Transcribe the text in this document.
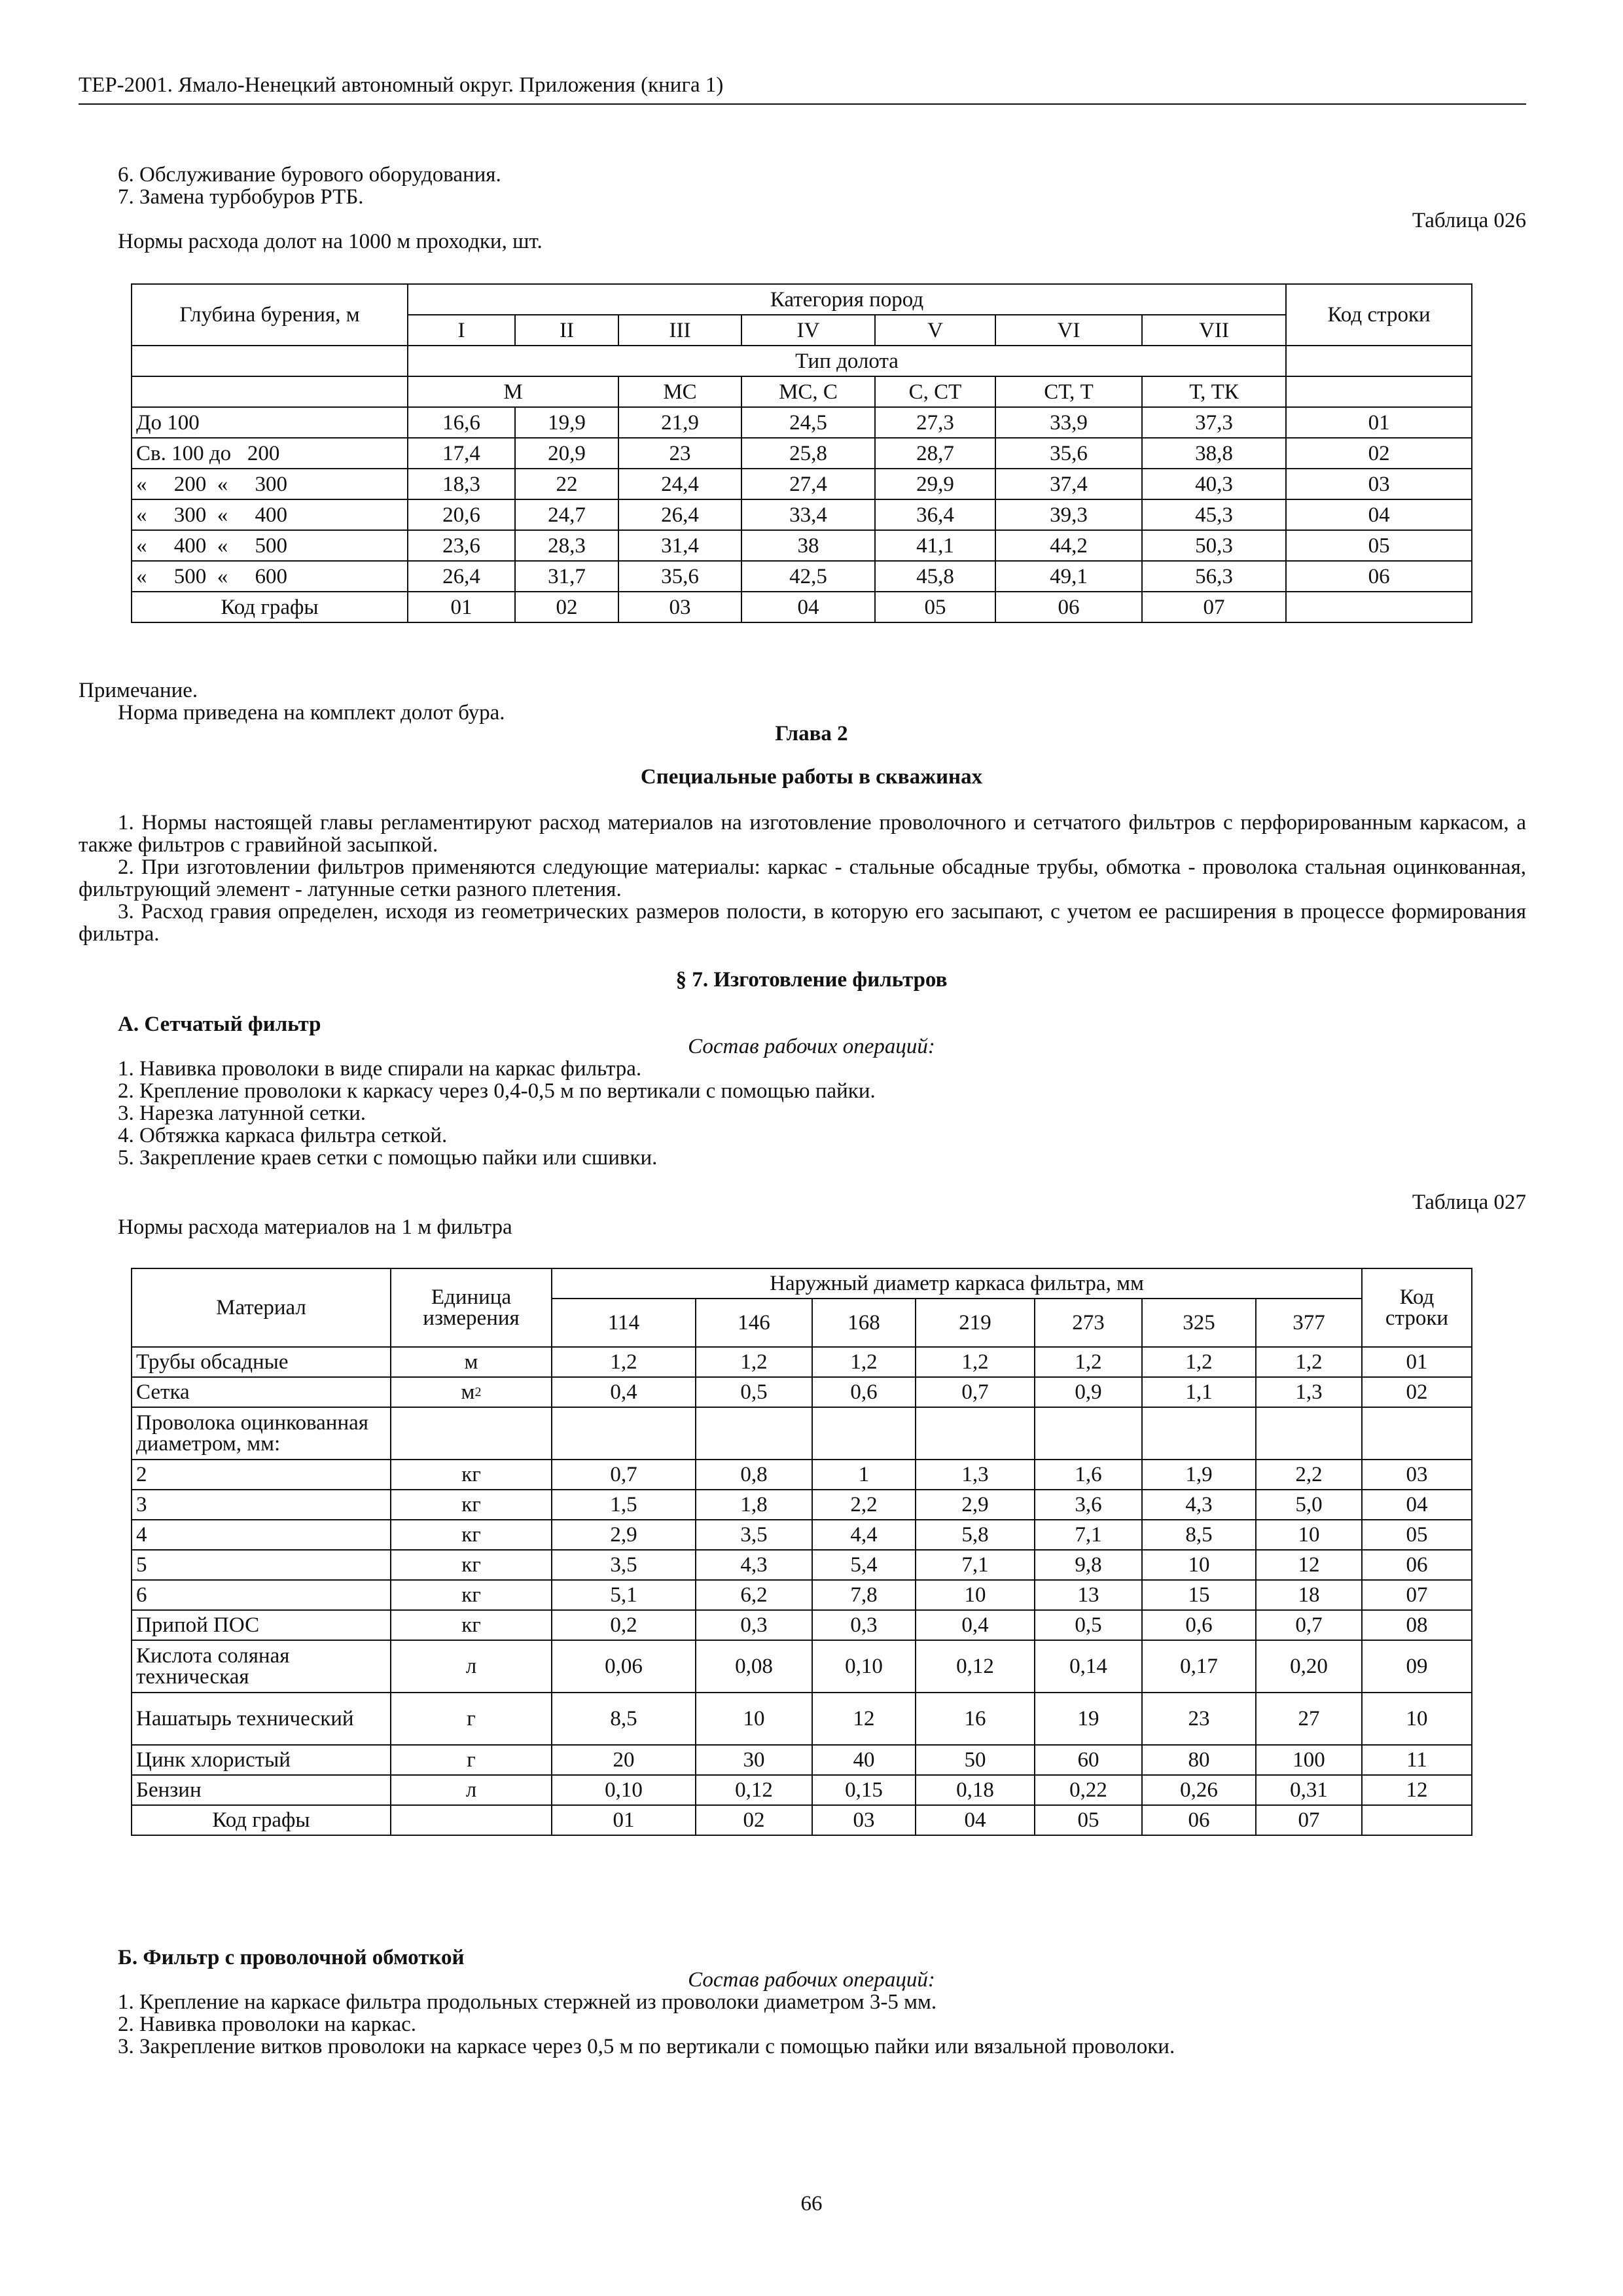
ТЕР-2001. Ямало-Ненецкий автономный округ. Приложения (книга 1)
6. Обслуживание бурового оборудования.
7. Замена турбобуров РТБ.
Таблица 026
Нормы расхода долот на 1000 м проходки, шт.
Глубина бурения, м	Категория пород							Код строки
	I	II	III	IV	V	VI	VII	
	Тип долота							
	М		МС	МС, С	С, СТ	СТ, Т	Т, ТК	
До 100	16,6	19,9	21,9	24,5	27,3	33,9	37,3	01
Св. 100 до   200	17,4	20,9	23	25,8	28,7	35,6	38,8	02
«     200  «     300	18,3	22	24,4	27,4	29,9	37,4	40,3	03
«     300  «     400	20,6	24,7	26,4	33,4	36,4	39,3	45,3	04
«     400  «     500	23,6	28,3	31,4	38	41,1	44,2	50,3	05
«     500  «     600	26,4	31,7	35,6	42,5	45,8	49,1	56,3	06
Код графы	01	02	03	04	05	06	07	
Примечание.
Норма приведена на комплект долот бура.
Глава 2
Специальные работы в скважинах
1. Нормы настоящей главы регламентируют расход материалов на изготовление проволочного и сетчатого фильтров с перфорированным каркасом, а также фильтров с гравийной засыпкой.
2. При изготовлении фильтров применяются следующие материалы: каркас - стальные обсадные трубы, обмотка - проволока стальная оцинкованная, фильтрующий элемент - латунные сетки разного плетения.
3. Расход гравия определен, исходя из геометрических размеров полости, в которую его засыпают, с учетом ее расширения в процессе формирования фильтра.
§ 7. Изготовление фильтров
А. Сетчатый фильтр
Состав рабочих операций:
1. Навивка проволоки в виде спирали на каркас фильтра.
2. Крепление проволоки к каркасу через 0,4-0,5 м по вертикали с помощью пайки.
3. Нарезка латунной сетки.
4. Обтяжка каркаса фильтра сеткой.
5. Закрепление краев сетки с помощью пайки или сшивки.
Таблица 027
Нормы расхода материалов на 1 м фильтра
Материал	Единица измерения	Наружный диаметр каркаса фильтра, мм							Код строки
		114	146	168	219	273	325	377	
Трубы обсадные	м	1,2	1,2	1,2	1,2	1,2	1,2	1,2	01
Сетка	$м^2$	0,4	0,5	0,6	0,7	0,9	1,1	1,3	02
Проволока оцинкованная диаметром, мм:									
2	кг	0,7	0,8	1	1,3	1,6	1,9	2,2	03
3	кг	1,5	1,8	2,2	2,9	3,6	4,3	5,0	04
4	кг	2,9	3,5	4,4	5,8	7,1	8,5	10	05
5	кг	3,5	4,3	5,4	7,1	9,8	10	12	06
6	кг	5,1	6,2	7,8	10	13	15	18	07
Припой ПОС	кг	0,2	0,3	0,3	0,4	0,5	0,6	0,7	08
Кислота соляная техническая	л	0,06	0,08	0,10	0,12	0,14	0,17	0,20	09
Нашатырь технический	г	8,5	10	12	16	19	23	27	10
Цинк хлористый	г	20	30	40	50	60	80	100	11
Бензин	л	0,10	0,12	0,15	0,18	0,22	0,26	0,31	12
Код графы		01	02	03	04	05	06	07	
Б. Фильтр с проволочной обмоткой
Состав рабочих операций:
1. Крепление на каркасе фильтра продольных стержней из проволоки диаметром 3-5 мм.
2. Навивка проволоки на каркас.
3. Закрепление витков проволоки на каркасе через 0,5 м по вертикали с помощью пайки или вязальной проволоки.
66
